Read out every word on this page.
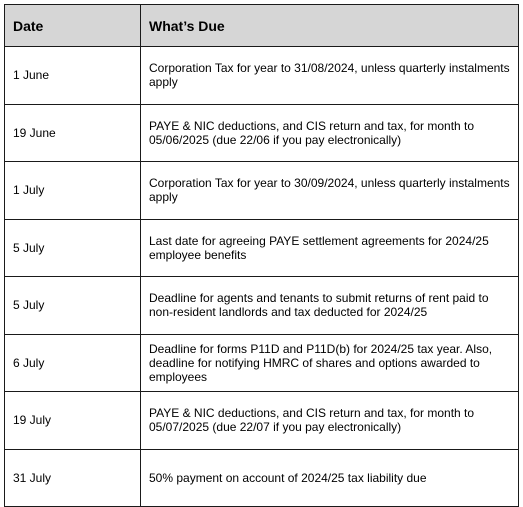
Date	What’s Due
1 June	Corporation Tax for year to 31/08/2024, unless quarterly instalments apply
19 June	PAYE & NIC deductions, and CIS return and tax, for month to 05/06/2025 (due 22/06 if you pay electronically)
1 July	Corporation Tax for year to 30/09/2024, unless quarterly instalments apply
5 July	Last date for agreeing PAYE settlement agreements for 2024/25 employee benefits
5 July	Deadline for agents and tenants to submit returns of rent paid to non-resident landlords and tax deducted for 2024/25
6 July	Deadline for forms P11D and P11D(b) for 2024/25 tax year. Also, deadline for notifying HMRC of shares and options awarded to employees
19 July	PAYE & NIC deductions, and CIS return and tax, for month to 05/07/2025 (due 22/07 if you pay electronically)
31 July	50% payment on account of 2024/25 tax liability due
